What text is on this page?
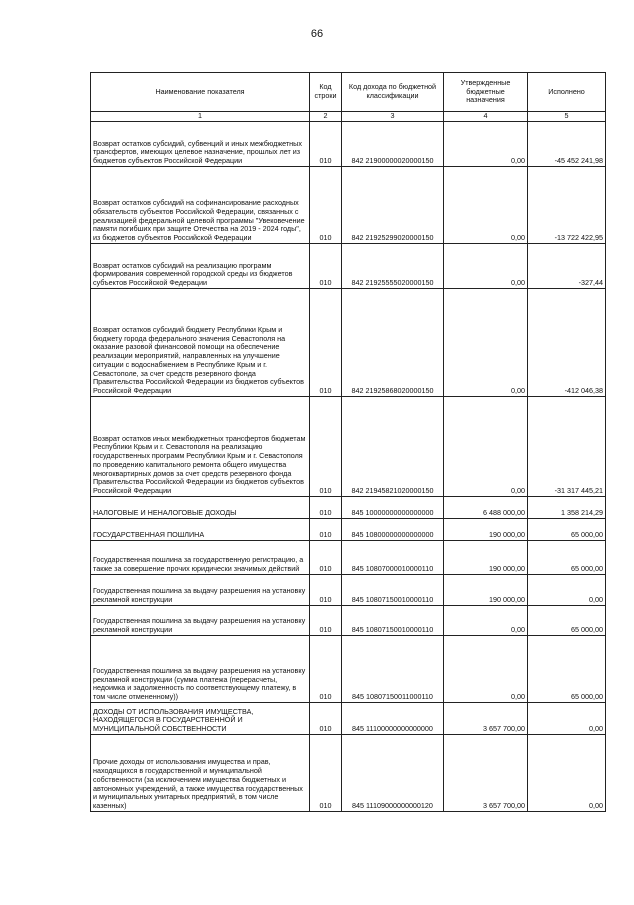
66
Наименование показателя	Код строки	Код дохода по бюджетной классификации	Утвержденные бюджетные назначения	Исполнено
1	2	3	4	5
Возврат остатков субсидий, субвенций и иных межбюджетных трансфертов, имеющих целевое назначение, прошлых лет из бюджетов субъектов Российской Федерации	010	842 21900000020000150	0,00	-45 452 241,98
Возврат остатков субсидий на софинансирование расходных обязательств субъектов Российской Федерации, связанных с реализацией федеральной целевой программы "Увековечение памяти погибших при защите Отечества на 2019 - 2024 годы", из бюджетов субъектов Российской Федерации	010	842 21925299020000150	0,00	-13 722 422,95
Возврат остатков субсидий на реализацию программ формирования современной городской среды из бюджетов субъектов Российской Федерации	010	842 21925555020000150	0,00	-327,44
Возврат остатков субсидий бюджету Республики Крым и бюджету города федерального значения Севастополя на оказание разовой финансовой помощи на обеспечение реализации мероприятий, направленных на улучшение ситуации с водоснабжением в Республике Крым и г. Севастополе, за счет средств резервного фонда Правительства Российской Федерации из бюджетов субъектов Российской Федерации	010	842 21925868020000150	0,00	-412 046,38
Возврат остатков иных межбюджетных трансфертов бюджетам Республики Крым и г. Севастополя на реализацию государственных программ Республики Крым и г. Севастополя по проведению капитального ремонта общего имущества многоквартирных домов за счет средств резервного фонда Правительства Российской Федерации из бюджетов субъектов Российской Федерации	010	842 21945821020000150	0,00	-31 317 445,21
НАЛОГОВЫЕ И НЕНАЛОГОВЫЕ ДОХОДЫ	010	845 10000000000000000	6 488 000,00	1 358 214,29
ГОСУДАРСТВЕННАЯ ПОШЛИНА	010	845 10800000000000000	190 000,00	65 000,00
Государственная пошлина за государственную регистрацию, а также за совершение прочих юридически значимых действий	010	845 10807000010000110	190 000,00	65 000,00
Государственная пошлина за выдачу разрешения на установку рекламной конструкции	010	845 10807150010000110	190 000,00	0,00
Государственная пошлина за выдачу разрешения на установку рекламной конструкции	010	845 10807150010000110	0,00	65 000,00
Государственная пошлина за выдачу разрешения на установку рекламной конструкции (сумма платежа (перерасчеты, недоимка и задолженность по соответствующему платежу, в том числе отмененному))	010	845 10807150011000110	0,00	65 000,00
ДОХОДЫ ОТ ИСПОЛЬЗОВАНИЯ ИМУЩЕСТВА, НАХОДЯЩЕГОСЯ В ГОСУДАРСТВЕННОЙ И МУНИЦИПАЛЬНОЙ СОБСТВЕННОСТИ	010	845 11100000000000000	3 657 700,00	0,00
Прочие доходы от использования имущества и прав, находящихся в государственной и муниципальной собственности (за исключением имущества бюджетных и автономных учреждений, а также имущества государственных и муниципальных унитарных предприятий, в том числе казенных)	010	845 11109000000000120	3 657 700,00	0,00
